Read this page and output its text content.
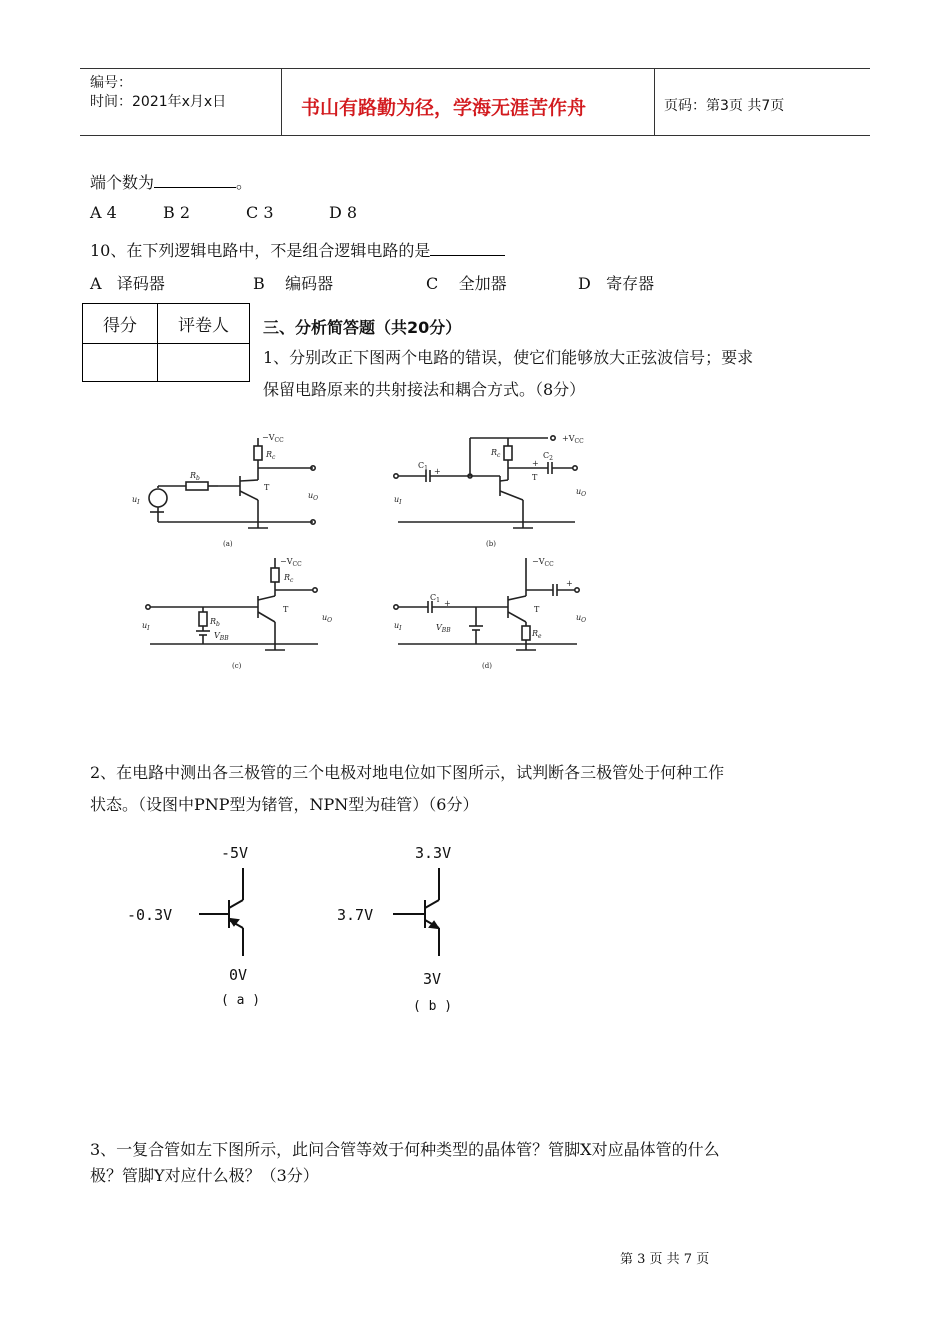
编号：
时间：2021年x月x日	书山有路勤为径，学海无涯苦作舟	页码：第3页 共7页
端个数为	。
A 4	B 2	C 3	D 8
10、在下列逻辑电路中，不是组合逻辑电路的是
A   译码器	B    编码器	C    全加器	D   寄存器
得分	评卷人
	三、分析简答题（共20分）
1、分别改正下图两个电路的错误，使它们能够放大正弦波信号；要求
保留电路原来的共射接法和耦合方式。（8分）
$-V_{CC}$
$R_c$
$R_b$
T
$u_I$
$u_O$
(a)
$+V_{CC}$
$R_c$	$C_2$
$C_1$ +
+
T
$u_I$
$u_O$
(b)
$-V_{CC}$
$R_c$
T
$R_b$
$V_{BB}$
$u_I$
$u_O$
(c)
$-V_{CC}$
+
$C_1$ +
T
$R_e$
$V_{BB}$
$u_I$
$u_O$
(d)
2、在电路中测出各三极管的三个电极对地电位如下图所示，试判断各三极管处于何种工作
状态。（设图中PNP型为锗管，NPN型为硅管）（6分）
-5V
-0.3V
0V
( a )
3.3V
3.7V
3V
( b )
3、一复合管如左下图所示，此问合管等效于何种类型的晶体管？管脚X对应晶体管的什么
极？管脚Y对应什么极？（3分）
第 3 页 共 7 页
